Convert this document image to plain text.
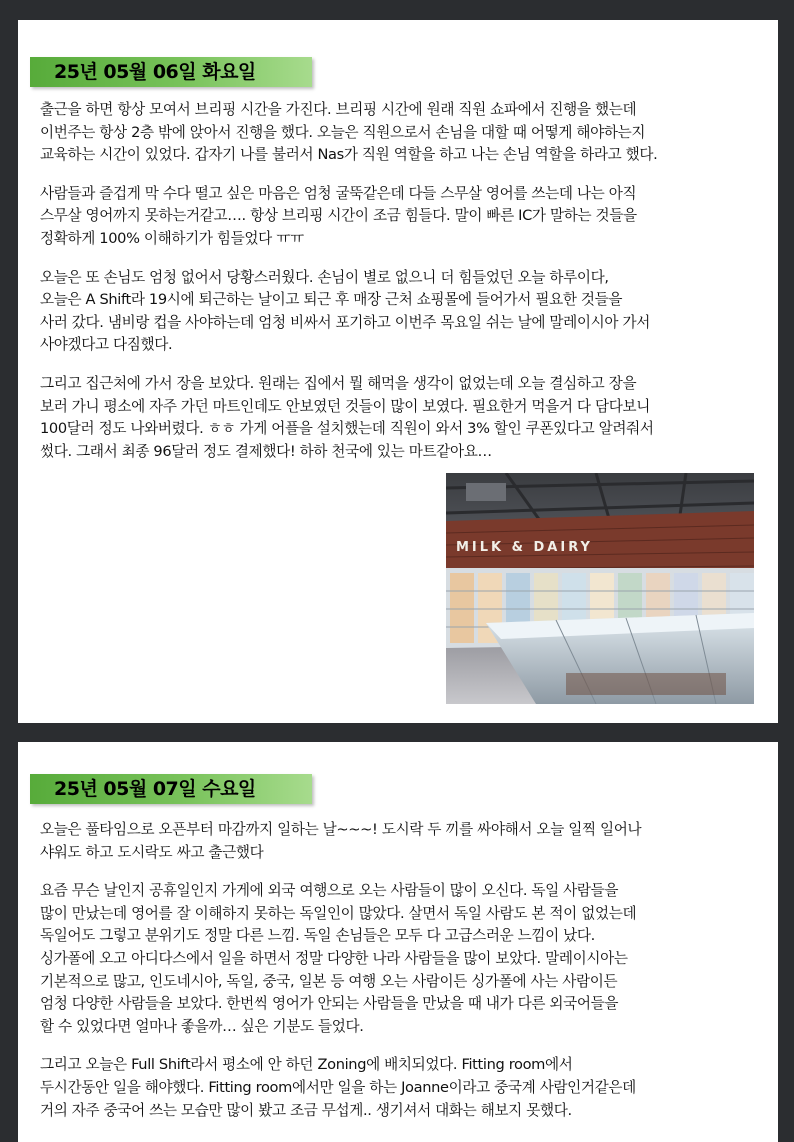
25년 05월 06일 화요일

출근을 하면 항상 모여서 브리핑 시간을 가진다. 브리핑 시간에 원래 직원 쇼파에서 진행을 했는데
이번주는 항상 2층 밖에 앉아서 진행을 했다. 오늘은 직원으로서 손님을 대할 때 어떻게 해야하는지
교육하는 시간이 있었다. 갑자기 나를 불러서 Nas가 직원 역할을 하고 나는 손님 역할을 하라고 했다.

사람들과 즐겁게 막 수다 떨고 싶은 마음은 엄청 굴뚝같은데 다들 스무살 영어를 쓰는데 나는 아직
스무살 영어까지 못하는거같고…. 항상 브리핑 시간이 조금 힘들다. 말이 빠른 IC가 말하는 것들을
정확하게 100% 이해하기가 힘들었다 ㅠㅠ

오늘은 또 손님도 엄청 없어서 당황스러웠다. 손님이 별로 없으니 더 힘들었던 오늘 하루이다,
오늘은 A Shift라 19시에 퇴근하는 날이고 퇴근 후 매장 근처 쇼핑몰에 들어가서 필요한 것들을
사러 갔다. 냄비랑 컵을 사야하는데 엄청 비싸서 포기하고 이번주 목요일 쉬는 날에 말레이시아 가서
사야겠다고 다짐했다.

그리고 집근처에 가서 장을 보았다. 원래는 집에서 뭘 해먹을 생각이 없었는데 오늘 결심하고 장을
보러 가니 평소에 자주 가던 마트인데도 안보였던 것들이 많이 보였다. 필요한거 먹을거 다 담다보니
100달러 정도 나와버렸다. ㅎㅎ 가게 어플을 설치했는데 직원이 와서 3% 할인 쿠폰있다고 알려줘서
썼다. 그래서 최종 96달러 정도 결제했다! 하하 천국에 있는 마트같아요…

MILK & DAIRY
25년 05월 07일 수요일

오늘은 풀타임으로 오픈부터 마감까지 일하는 날~~~! 도시락 두 끼를 싸야해서 오늘 일찍 일어나
샤워도 하고 도시락도 싸고 출근했다

요즘 무슨 날인지 공휴일인지 가게에 외국 여행으로 오는 사람들이 많이 오신다. 독일 사람들을
많이 만났는데 영어를 잘 이해하지 못하는 독일인이 많았다. 살면서 독일 사람도 본 적이 없었는데
독일어도 그렇고 분위기도 정말 다른 느낌. 독일 손님들은 모두 다 고급스러운 느낌이 났다.
싱가폴에 오고 아디다스에서 일을 하면서 정말 다양한 나라 사람들을 많이 보았다. 말레이시아는
기본적으로 많고, 인도네시아, 독일, 중국, 일본 등 여행 오는 사람이든 싱가폴에 사는 사람이든
엄청 다양한 사람들을 보았다. 한번씩 영어가 안되는 사람들을 만났을 때 내가 다른 외국어들을
할 수 있었다면 얼마나 좋을까… 싶은 기분도 들었다.

그리고 오늘은 Full Shift라서 평소에 안 하던 Zoning에 배치되었다. Fitting room에서
두시간동안 일을 해야했다. Fitting room에서만 일을 하는 Joanne이라고 중국계 사람인거같은데
거의 자주 중국어 쓰는 모습만 많이 봤고 조금 무섭게.. 생기셔서 대화는 해보지 못했다.
